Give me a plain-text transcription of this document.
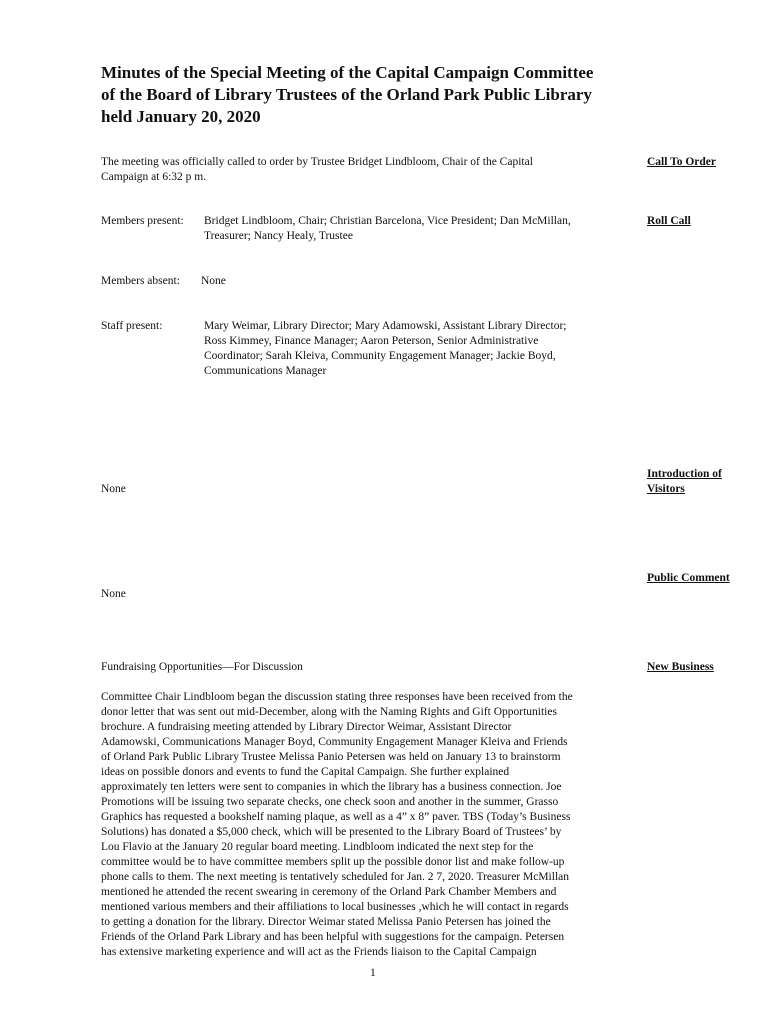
Minutes of the Special Meeting of the Capital Campaign Committee
of the Board of Library Trustees of the Orland Park Public Library
held January 20, 2020
The meeting was officially called to order by Trustee Bridget Lindbloom, Chair of the Capital
Campaign at 6:32 p m.
Call To Order
Members present: Bridget Lindbloom, Chair; Christian Barcelona, Vice President; Dan McMillan,
Treasurer; Nancy Healy, Trustee
Roll Call
Members absent: None
Staff present:	Mary Weimar, Library Director; Mary Adamowski, Assistant Library Director;
Ross Kimmey, Finance Manager; Aaron Peterson, Senior Administrative
Coordinator; Sarah Kleiva, Community Engagement Manager; Jackie Boyd,
Communications Manager
Introduction of
Visitors
None
Public Comment
None
Fundraising Opportunities—For Discussion	New Business
Committee Chair Lindbloom began the discussion stating three responses have been received from the
donor letter that was sent out mid-December, along with the Naming Rights and Gift Opportunities
brochure. A fundraising meeting attended by Library Director Weimar, Assistant Director
Adamowski, Communications Manager Boyd, Community Engagement Manager Kleiva and Friends
of Orland Park Public Library Trustee Melissa Panio Petersen was held on January 13 to brainstorm
ideas on possible donors and events to fund the Capital Campaign. She further explained
approximately ten letters were sent to companies in which the library has a business connection. Joe
Promotions will be issuing two separate checks, one check soon and another in the summer, Grasso
Graphics has requested a bookshelf naming plaque, as well as a 4” x 8” paver. TBS (Today’s Business
Solutions) has donated a $5,000 check, which will be presented to the Library Board of Trustees’ by
Lou Flavio at the January 20 regular board meeting. Lindbloom indicated the next step for the
committee would be to have committee members split up the possible donor list and make follow-up
phone calls to them. The next meeting is tentatively scheduled for Jan. 2 7, 2020. Treasurer McMillan
mentioned he attended the recent swearing in ceremony of the Orland Park Chamber Members and
mentioned various members and their affiliations to local businesses ,which he will contact in regards
to getting a donation for the library. Director Weimar stated Melissa Panio Petersen has joined the
Friends of the Orland Park Library and has been helpful with suggestions for the campaign. Petersen
has extensive marketing experience and will act as the Friends liaison to the Capital Campaign
1
